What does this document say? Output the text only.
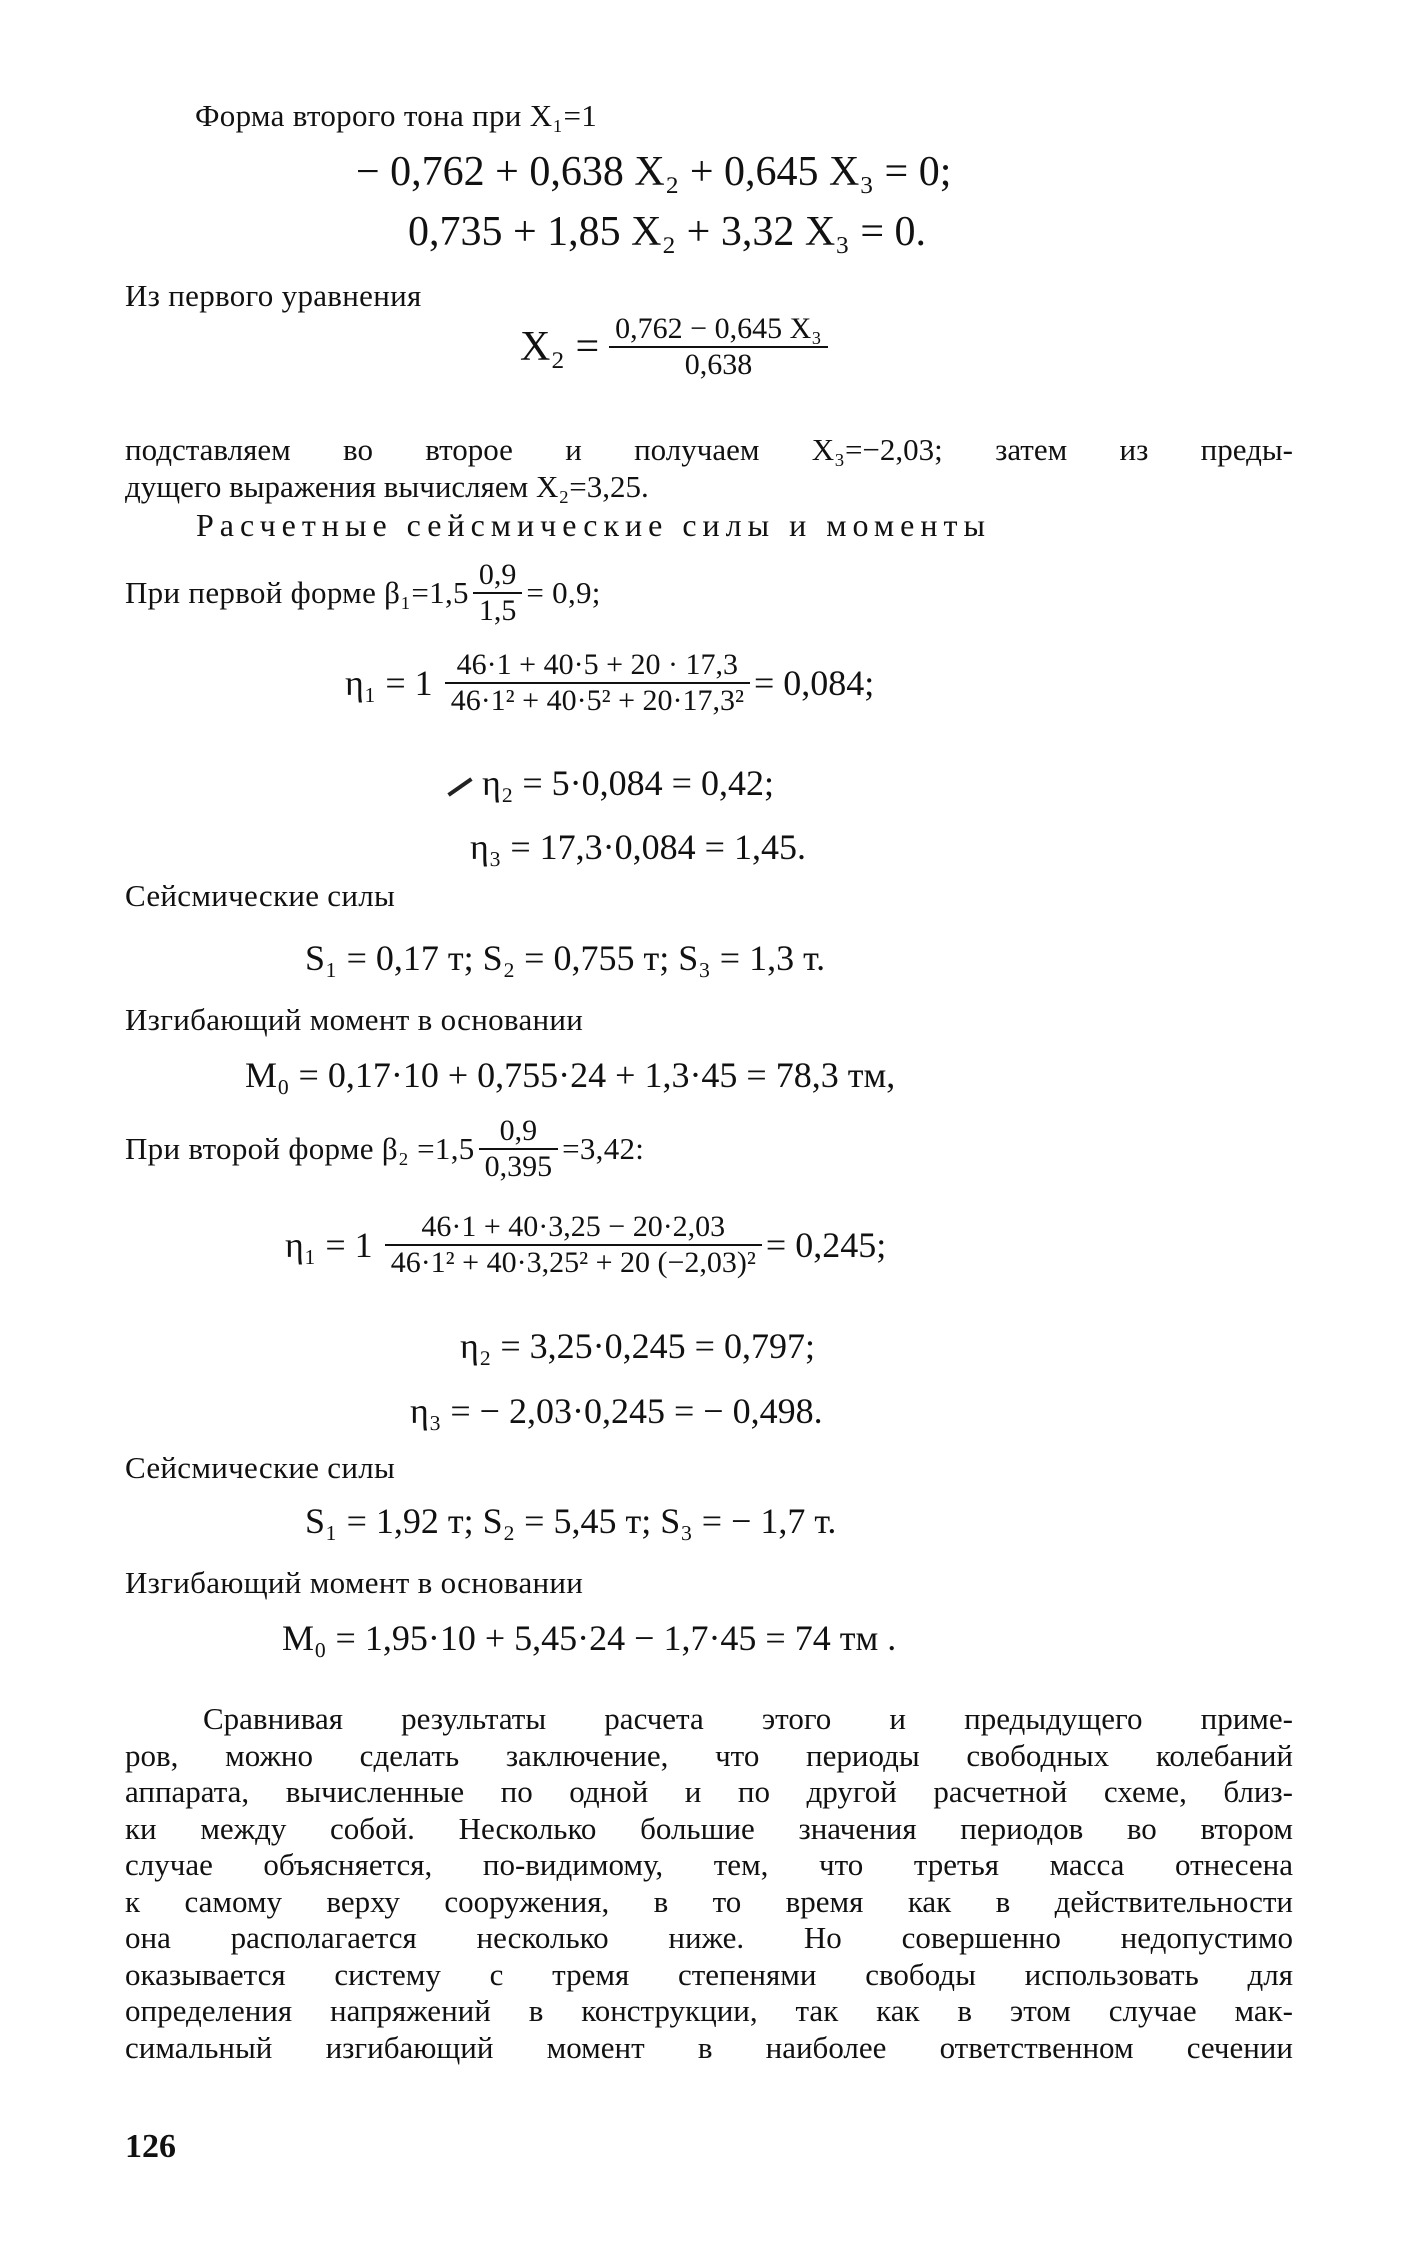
Форма второго тона при X₁=1
− 0,762 + 0,638 X₂ + 0,645 X₃ = 0;
0,735 + 1,85 X₂ + 3,32 X₃ = 0.
Из первого уравнения
$X_2 = \frac{\text{0,762 − 0,645 X₃}}{0,638}$
подставляем во второе и получаем X₃=−2,03; затем из преды-
дущего выражения вычисляем X₂=3,25.
Расчетные сейсмические силы и моменты
При первой форме $\beta_1=1,5 \frac{0,9}{1,5} = 0,9$;
$\eta_1 = 1 \frac{46\cdot 1 + 40\cdot 5 + 20 \cdot 17,3}{\text{46·1² + 40·5² + 20·17,3²}} = 0,084$;
η₂ = 5·0,084 = 0,42;
η₃ = 17,3·0,084 = 1,45.
Сейсмические силы
S₁ = 0,17 т; S₂ = 0,755 т; S₃ = 1,3 т.
Изгибающий момент в основании
M₀ = 0,17·10 + 0,755·24 + 1,3·45 = 78,3 тм,
При второй форме $\beta_2 =1,5 \frac{0,9}{0,395} =3,42$:
$\eta_1 = 1 \frac{46\cdot 1 + 40\cdot 3,25 - 20\cdot 2,03}{\text{46·1² + 40·3,25² + 20 (−2,03)²}} = 0,245$;
η₂ = 3,25·0,245 = 0,797;
η₃ = − 2,03·0,245 = − 0,498.
Сейсмические силы
S₁ = 1,92 т; S₂ = 5,45 т; S₃ = − 1,7 т.
Изгибающий момент в основании
M₀ = 1,95·10 + 5,45·24 − 1,7·45 = 74 тм .
Сравнивая результаты расчета этого и предыдущего приме-
ров, можно сделать заключение, что периоды свободных колебаний
аппарата, вычисленные по одной и по другой расчетной схеме, близ-
ки между собой. Несколько большие значения периодов во втором
случае объясняется, по-видимому, тем, что третья масса отнесена
к самому верху сооружения, в то время как в действительности
она располагается несколько ниже. Но совершенно недопустимо
оказывается систему с тремя степенями свободы использовать для
определения напряжений в конструкции, так как в этом случае мак-
симальный изгибающий момент в наиболее ответственном сечении
126
